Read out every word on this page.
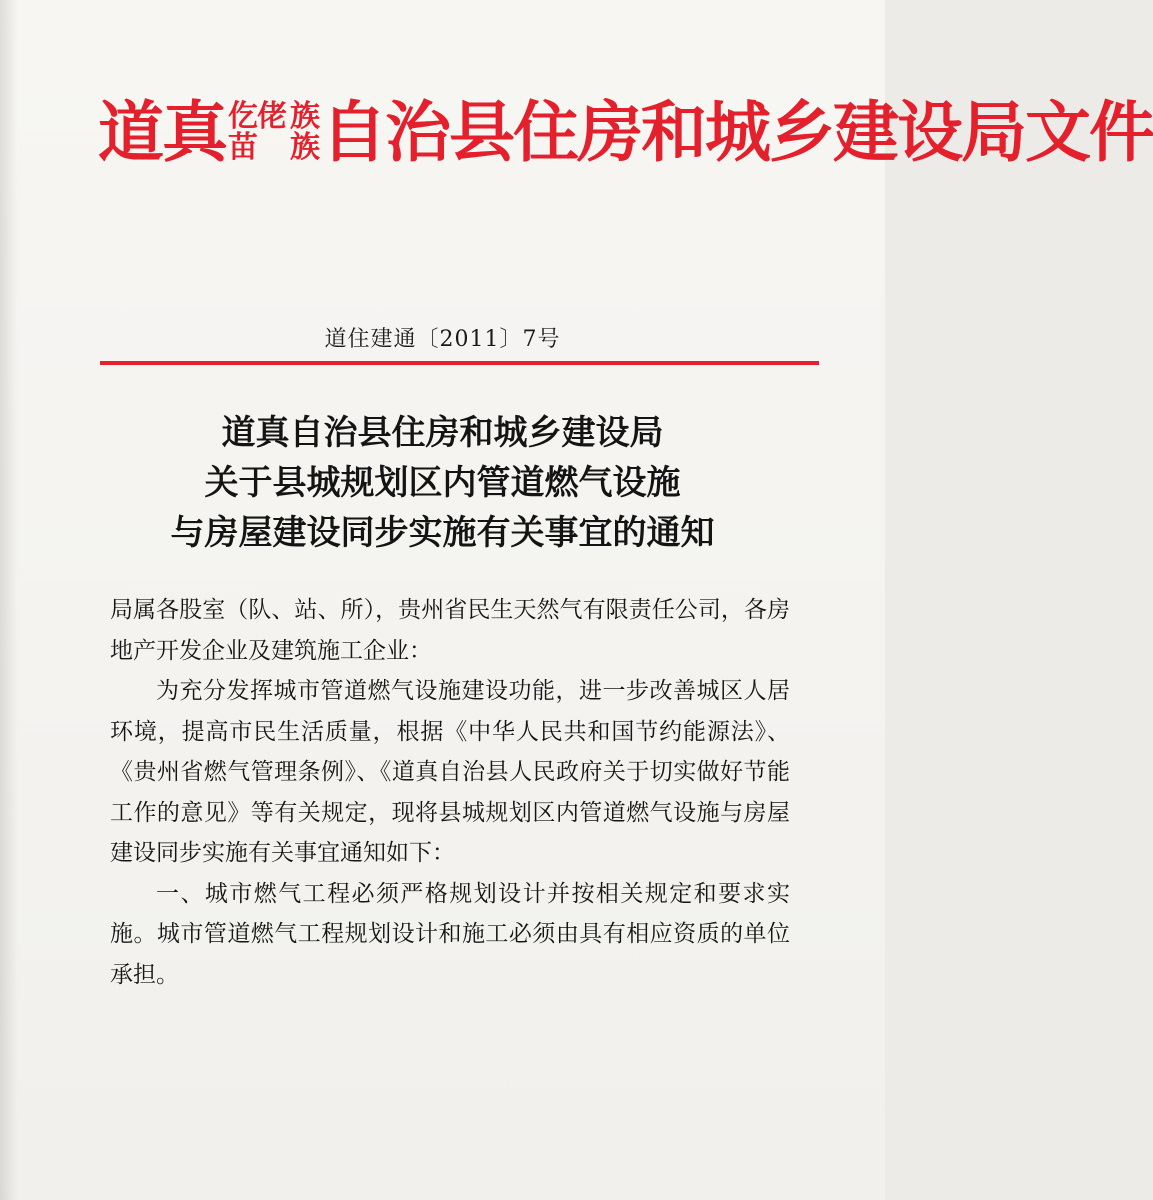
道真 仡佬
苗
族
族 自治县住房和城乡建设局文件
道住建通〔2011〕7号
道真自治县住房和城乡建设局
关于县城规划区内管道燃气设施
与房屋建设同步实施有关事宜的通知

局属各股室（队、站、所），贵州省民生天然气有限责任公司，各房地产开发企业及建筑施工企业：

为充分发挥城市管道燃气设施建设功能，进一步改善城区人居环境，提高市民生活质量，根据《中华人民共和国节约能源法》、《贵州省燃气管理条例》、《道真自治县人民政府关于切实做好节能工作的意见》等有关规定，现将县城规划区内管道燃气设施与房屋建设同步实施有关事宜通知如下：

一、城市燃气工程必须严格规划设计并按相关规定和要求实施。城市管道燃气工程规划设计和施工必须由具有相应资质的单位承担。
